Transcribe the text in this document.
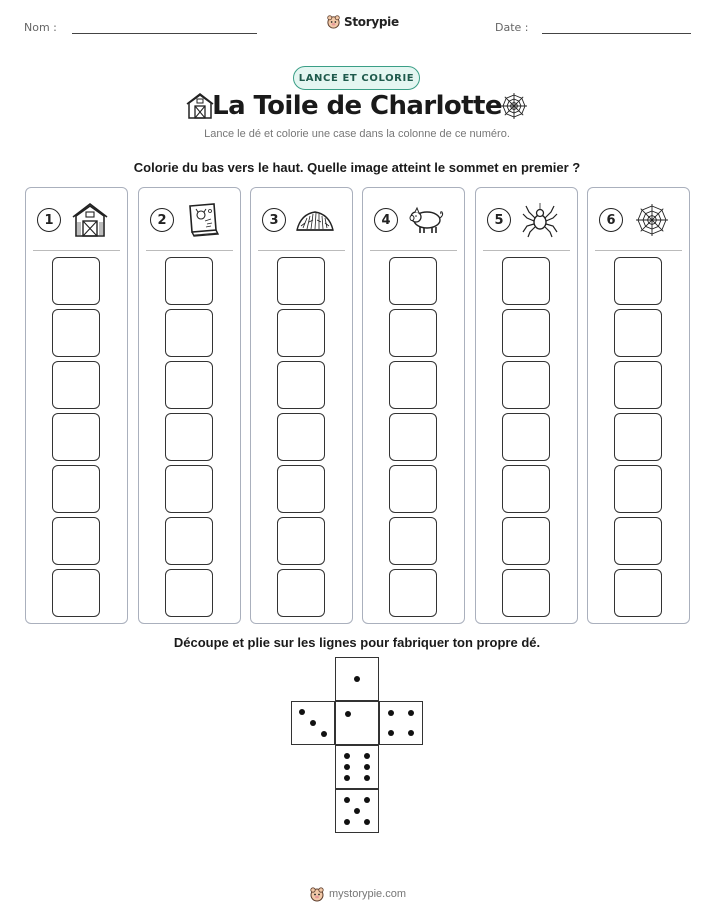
Nom :	Storypie	Date :
LANCE ET COLORIE
La Toile de Charlotte
Lance le dé et colorie une case dans la colonne de ce numéro.
Colorie du bas vers le haut. Quelle image atteint le sommet en premier ?
1	2	3	4	5	6
Découpe et plie sur les lignes pour fabriquer ton propre dé.
mystorypie.com
